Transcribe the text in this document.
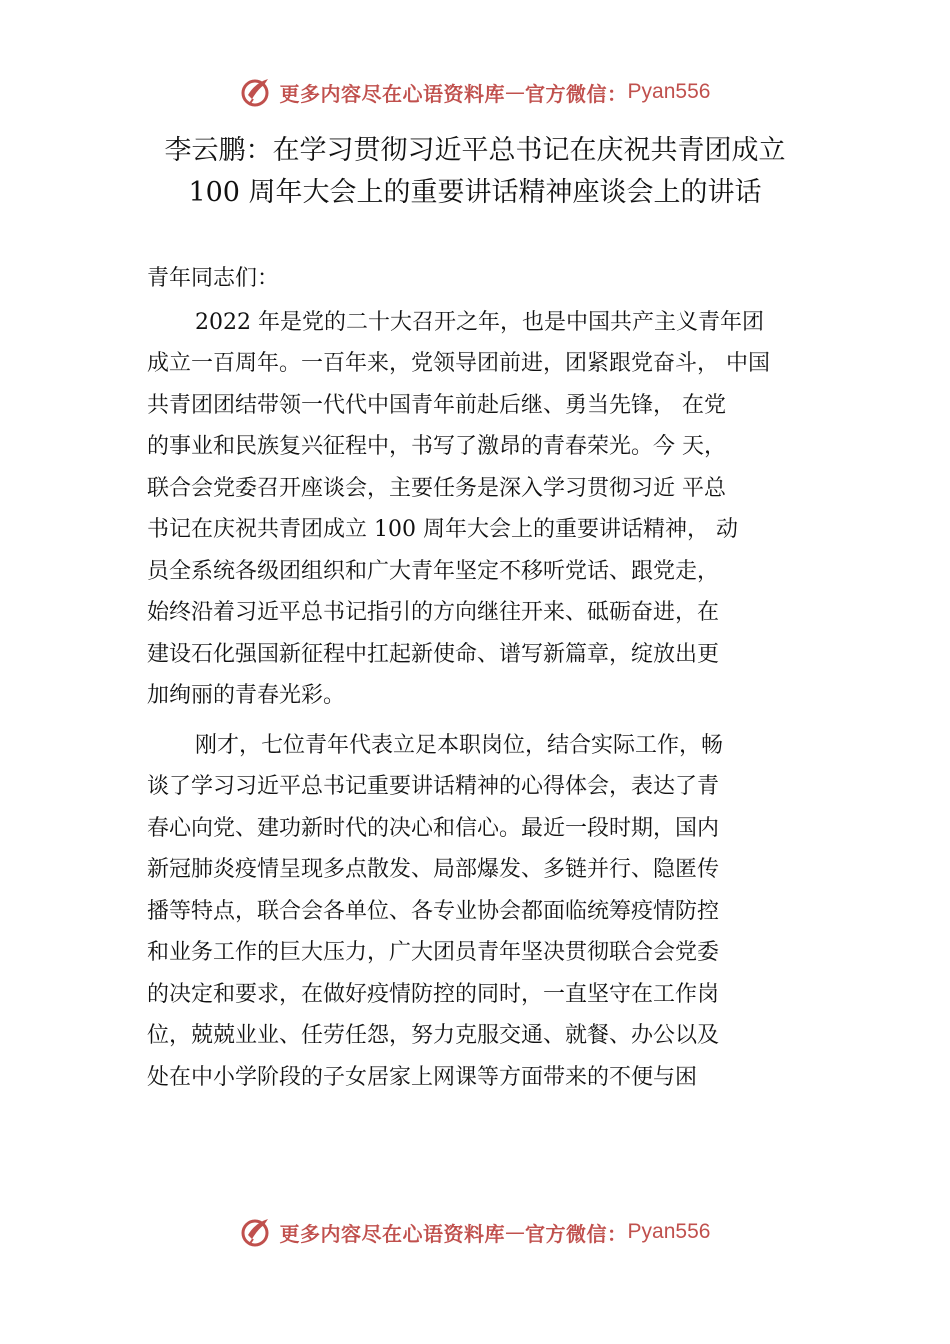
更多内容尽在心语资料库 — 官方微信： Pyan556
李云鹏：在学习贯彻习近平总书记在庆祝共青团成立
100 周年大会上的重要讲话精神座谈会上的讲话
青年同志们：
2022 年是党的二十大召开之年，也是中国共产主义青年团
成立一百周年。一百年来，党领导团前进，团紧跟党奋斗， 中国
共青团团结带领一代代中国青年前赴后继、勇当先锋， 在党
的事业和民族复兴征程中，书写了激昂的青春荣光。今 天，
联合会党委召开座谈会，主要任务是深入学习贯彻习近 平总
书记在庆祝共青团成立 100 周年大会上的重要讲话精神， 动
员全系统各级团组织和广大青年坚定不移听党话、跟党走，
始终沿着习近平总书记指引的方向继往开来、砥砺奋进，在
建设石化强国新征程中扛起新使命、谱写新篇章，绽放出更
加绚丽的青春光彩。
刚才，七位青年代表立足本职岗位，结合实际工作，畅
谈了学习习近平总书记重要讲话精神的心得体会，表达了青
春心向党、建功新时代的决心和信心。最近一段时期，国内
新冠肺炎疫情呈现多点散发、局部爆发、多链并行、隐匿传
播等特点，联合会各单位、各专业协会都面临统筹疫情防控
和业务工作的巨大压力，广大团员青年坚决贯彻联合会党委
的决定和要求，在做好疫情防控的同时，一直坚守在工作岗
位，兢兢业业、任劳任怨，努力克服交通、就餐、办公以及
处在中小学阶段的子女居家上网课等方面带来的不便与困
更多内容尽在心语资料库 — 官方微信： Pyan556
